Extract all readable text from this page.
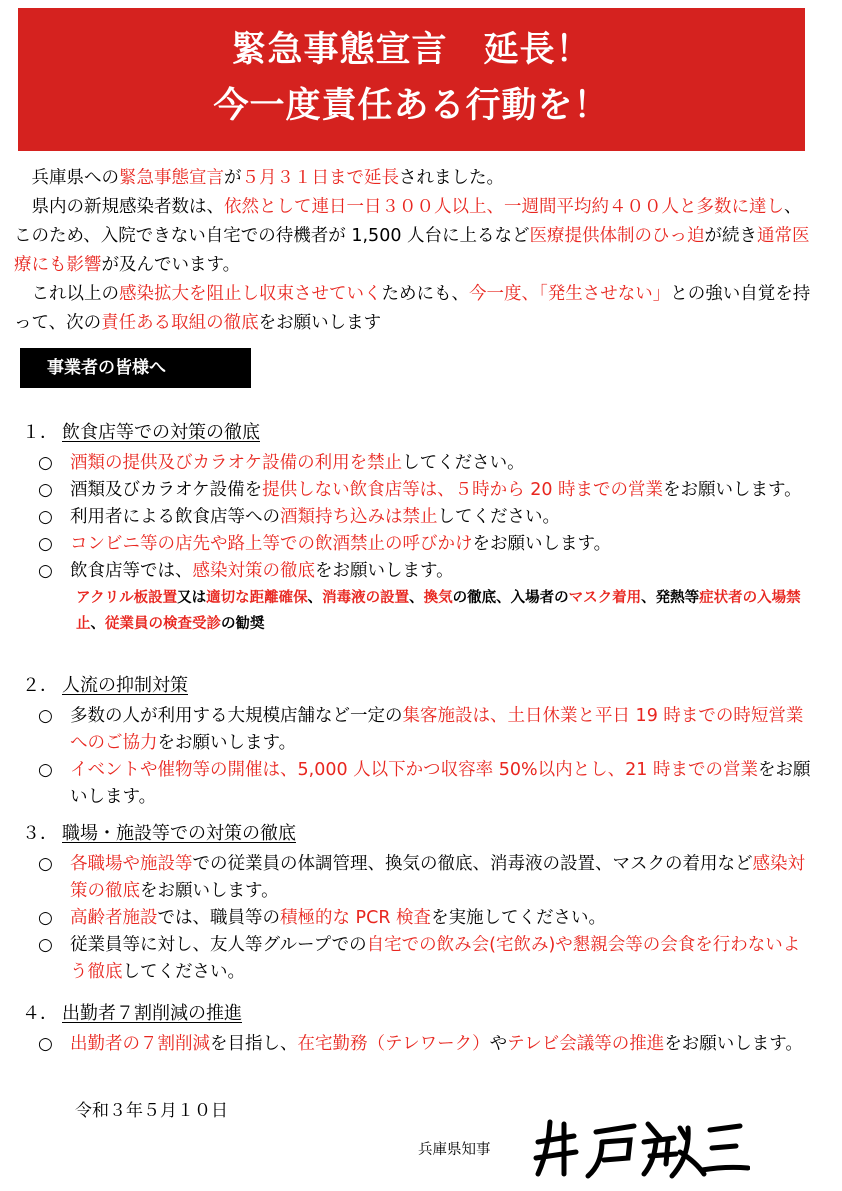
緊急事態宣言　延長！
今一度責任ある行動を！

兵庫県への緊急事態宣言が５月３１日まで延長されました。

県内の新規感染者数は、依然として連日一日３００人以上、一週間平均約４００人と多数に達し、このため、入院できない自宅での待機者が 1,500 人台に上るなど医療提供体制のひっ迫が続き通常医療にも影響が及んでいます。

これ以上の感染拡大を阻止し収束させていくためにも、今一度、「発生させない」との強い自覚を持って、次の責任ある取組の徹底をお願いします

事業者の皆様へ
１． 飲食店等での対策の徹底

○ 酒類の提供及びカラオケ設備の利用を禁止してください。

○ 酒類及びカラオケ設備を提供しない飲食店等は、５時から 20 時までの営業をお願いします。

○ 利用者による飲食店等への酒類持ち込みは禁止してください。

○ コンビニ等の店先や路上等での飲酒禁止の呼びかけをお願いします。

○ 飲食店等では、感染対策の徹底をお願いします。

アクリル板設置又は適切な距離確保、消毒液の設置、換気の徹底、入場者のマスク着用、発熱等症状者の入場禁止、従業員の検査受診の勧奨
２． 人流の抑制対策

○ 多数の人が利用する大規模店舗など一定の集客施設は、土日休業と平日 19 時までの時短営業へのご協力をお願いします。

○ イベントや催物等の開催は、5,000 人以下かつ収容率 50%以内とし、21 時までの営業をお願いします。

３． 職場・施設等での対策の徹底

○ 各職場や施設等での従業員の体調管理、換気の徹底、消毒液の設置、マスクの着用など感染対策の徹底をお願いします。

○ 高齢者施設では、職員等の積極的な PCR 検査を実施してください。

○ 従業員等に対し、友人等グループでの自宅での飲み会(宅飲み)や懇親会等の会食を行わないよう徹底してください。

４． 出勤者７割削減の推進

○ 出勤者の７割削減を目指し、在宅勤務（テレワーク）やテレビ会議等の推進をお願いします。

令和３年５月１０日
兵庫県知事
